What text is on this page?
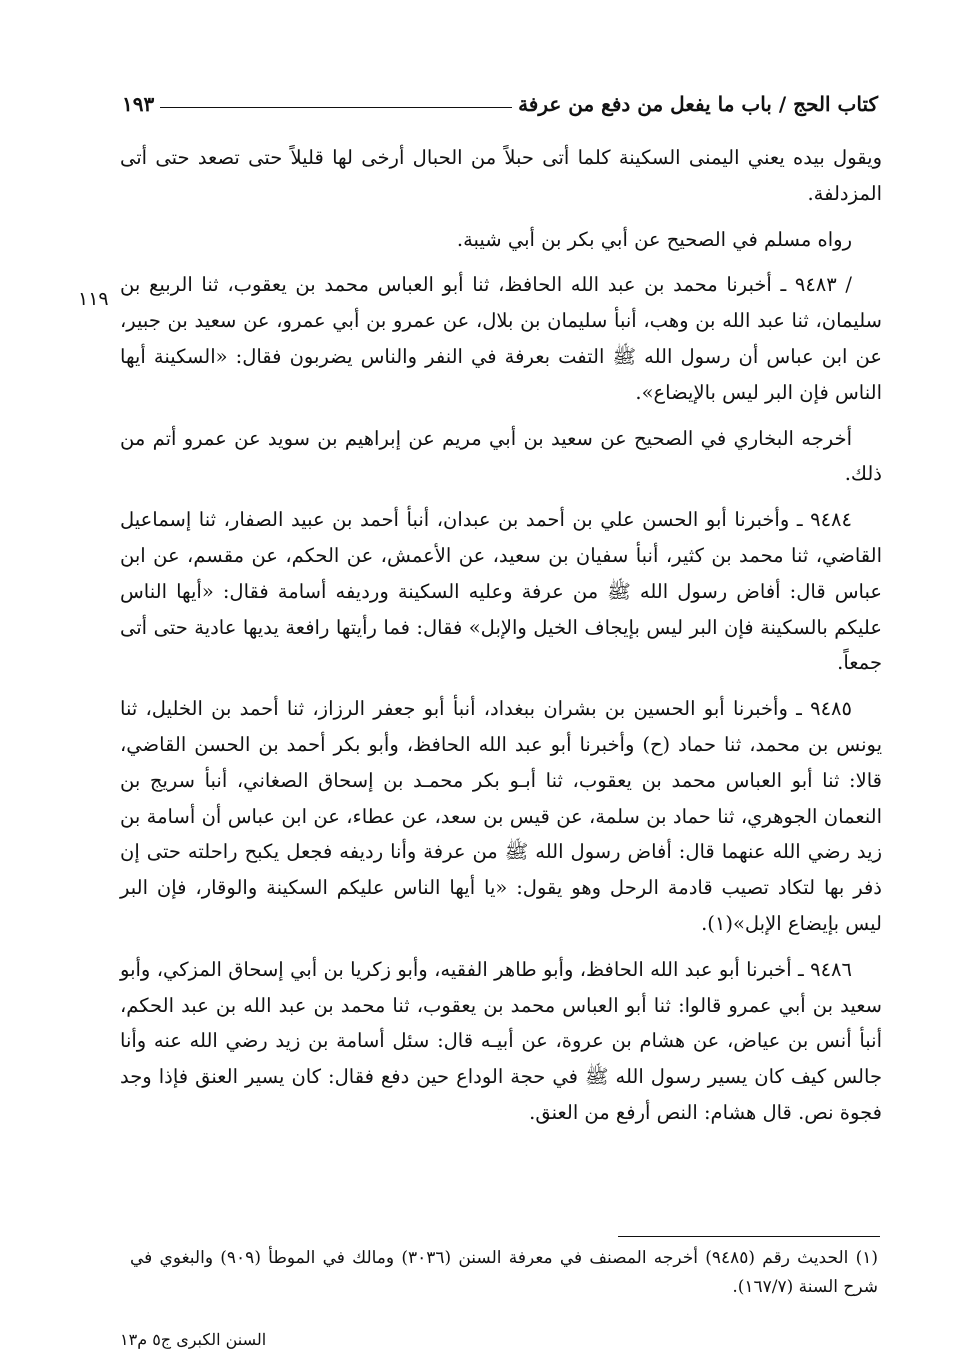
كتاب الحج / باب ما يفعل من دفع من عرفة
١٩٣
١١٩

ويقول بيده يعني اليمنى السكينة كلما أتى حبلاً من الحبال أرخى لها قليلاً حتى تصعد حتى أتى المزدلفة.

رواه مسلم في الصحيح عن أبي بكر بن أبي شيبة.

/ ٩٤٨٣ ـ أخبرنا محمد بن عبد الله الحافظ، ثنا أبو العباس محمد بن يعقوب، ثنا الربيع بن سليمان، ثنا عبد الله بن وهب، أنبأ سليمان بن بلال، عن عمرو بن أبي عمرو، عن سعيد بن جبير، عن ابن عباس أن رسول الله ﷺ التفت بعرفة في النفر والناس يضربون فقال: «السكينة أيها الناس فإن البر ليس بالإيضاع».

أخرجه البخاري في الصحيح عن سعيد بن أبي مريم عن إبراهيم بن سويد عن عمرو أتم من ذلك.

٩٤٨٤ ـ وأخبرنا أبو الحسن علي بن أحمد بن عبدان، أنبأ أحمد بن عبيد الصفار، ثنا إسماعيل القاضي، ثنا محمد بن كثير، أنبأ سفيان بن سعيد، عن الأعمش، عن الحكم، عن مقسم، عن ابن عباس قال: أفاض رسول الله ﷺ من عرفة وعليه السكينة ورديفه أسامة فقال: «أيها الناس عليكم بالسكينة فإن البر ليس بإيجاف الخيل والإبل» فقال: فما رأيتها رافعة يديها عادية حتى أتى جمعاً.

٩٤٨٥ ـ وأخبرنا أبو الحسين بن بشران ببغداد، أنبأ أبو جعفر الرزاز، ثنا أحمد بن الخليل، ثنا يونس بن محمد، ثنا حماد (ح) وأخبرنا أبو عبد الله الحافظ، وأبو بكر أحمد بن الحسن القاضي، قالا: ثنا أبو العباس محمد بن يعقوب، ثنا أبـو بكر محمـد بن إسحاق الصغاني، أنبأ سريج بن النعمان الجوهري، ثنا حماد بن سلمة، عن قيس بن سعد، عن عطاء، عن ابن عباس أن أسامة بن زيد رضي الله عنهما قال: أفاض رسول الله ﷺ من عرفة وأنا رديفه فجعل يكبح راحلته حتى إن ذفر بها لتكاد تصيب قادمة الرحل وهو يقول: «يا أيها الناس عليكم السكينة والوقار، فإن البر ليس بإيضاع الإبل»(١).

٩٤٨٦ ـ أخبرنا أبو عبد الله الحافظ، وأبو طاهر الفقيه، وأبو زكريا بن أبي إسحاق المزكي، وأبو سعيد بن أبي عمرو قالوا: ثنا أبو العباس محمد بن يعقوب، ثنا محمد بن عبد الله بن عبد الحكم، أنبأ أنس بن عياض، عن هشام بن عروة، عن أبيـه قال: سئل أسامة بن زيد رضي الله عنه وأنا جالس كيف كان يسير رسول الله ﷺ في حجة الوداع حين دفع فقال: كان يسير العنق فإذا وجد فجوة نص. قال هشام: النص أرفع من العنق.

(١) الحديث رقم (٩٤٨٥) أخرجه المصنف في معرفة السنن (٣٠٣٦) ومالك في الموطأ (٩٠٩) والبغوي في شرح السنة (١٦٧/٧).
السنن الكبرى ج٥ م١٣
